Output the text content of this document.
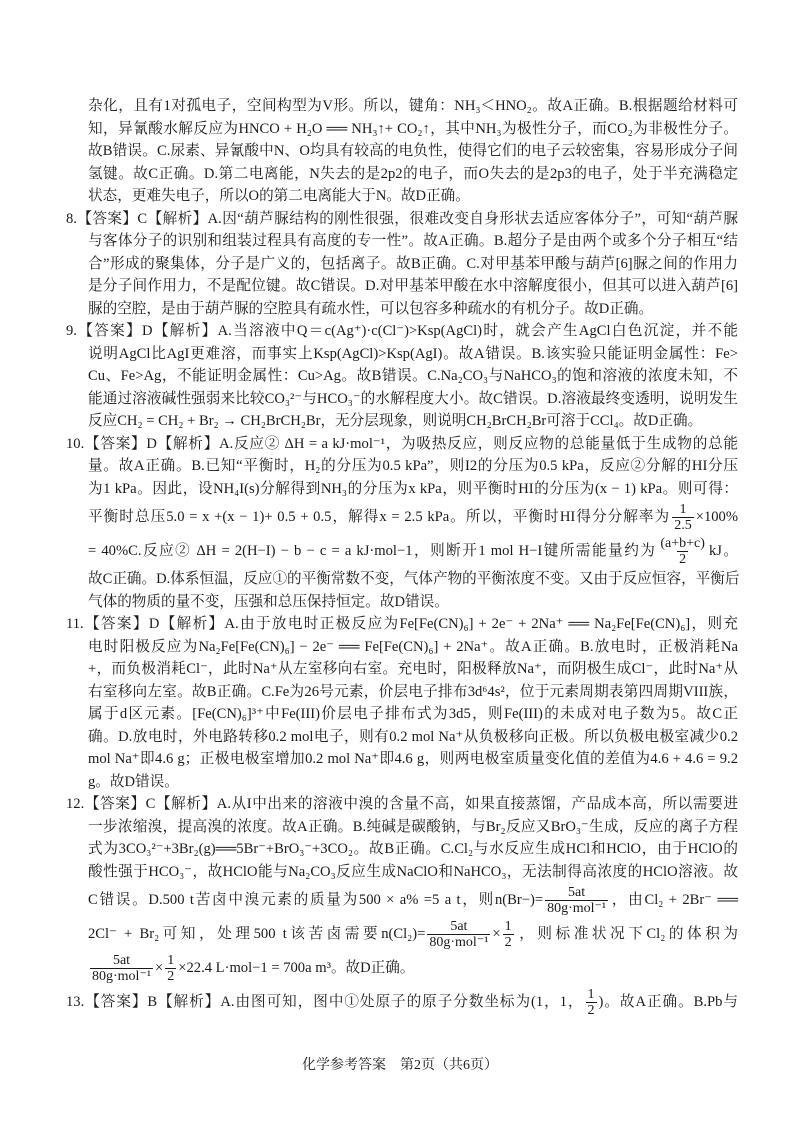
杂化，且有1对孤电子，空间构型为V形。所以，键角：NH₃＜HNO₂。故A正确。B.根据题给材料可
知，异氰酸水解反应为HNCO + H₂O ══ NH₃↑+ CO₂↑，其中NH₃为极性分子，而CO₂为非极性分子。
故B错误。C.尿素、异氰酸中N、O均具有较高的电负性，使得它们的电子云较密集，容易形成分子间
氢键。故C正确。D.第二电离能，N失去的是2p2的电子，而O失去的是2p3的电子，处于半充满稳定
状态，更难失电子，所以O的第二电离能大于N。故D正确。
8.【答案】C【解析】A.因“葫芦脲结构的刚性很强，很难改变自身形状去适应客体分子”，可知“葫芦脲
与客体分子的识别和组装过程具有高度的专一性”。故A正确。B.超分子是由两个或多个分子相互“结
合”形成的聚集体，分子是广义的，包括离子。故B正确。C.对甲基苯甲酸与葫芦[6]脲之间的作用力
是分子间作用力，不是配位键。故C错误。D.对甲基苯甲酸在水中溶解度很小，但其可以进入葫芦[6]
脲的空腔，是由于葫芦脲的空腔具有疏水性，可以包容多种疏水的有机分子。故D正确。
9.【答案】D【解析】A.当溶液中Q＝c(Ag⁺)·c(Cl⁻)>Ksp(AgCl)时，就会产生AgCl白色沉淀，并不能
说明AgCl比AgI更难溶，而事实上Ksp(AgCl)>Ksp(AgI)。故A错误。B.该实验只能证明金属性：Fe>
Cu、Fe>Ag，不能证明金属性：Cu>Ag。故B错误。C.Na₂CO₃与NaHCO₃的饱和溶液的浓度未知，不
能通过溶液碱性强弱来比较CO₃²⁻与HCO₃⁻的水解程度大小。故C错误。D.溶液最终变透明，说明发生
反应CH₂ = CH₂ + Br₂ → CH₂BrCH₂Br，无分层现象，则说明CH₂BrCH₂Br可溶于CCl₄。故D正确。
10.【答案】D【解析】A.反应② ΔH = a kJ·mol⁻¹，为吸热反应，则反应物的总能量低于生成物的总能
量。故A正确。B.已知“平衡时，H₂的分压为0.5 kPa”，则I2的分压为0.5 kPa，反应②分解的HI分压
为1 kPa。因此，设NH₄I(s)分解得到NH₃的分压为x kPa，则平衡时HI的分压为(x − 1) kPa。则可得：
平衡时总压5.0 = x +(x − 1)+ 0.5 + 0.5，解得x = 2.5 kPa。所以，平衡时HI得分分解率为 $\frac{1}{2.5} \times 100\%$
= 40%C.反应② ΔH = 2(H−I) − b − c = a kJ·mol−1，则断开1 mol H−I键所需能量约为 $\frac{(a+b+c)}{2}$ kJ。
故C正确。D.体系恒温，反应①的平衡常数不变，气体产物的平衡浓度不变。又由于反应恒容，平衡后
气体的物质的量不变，压强和总压保持恒定。故D错误。
11.【答案】D【解析】A.由于放电时正极反应为Fe[Fe(CN)₆] + 2e⁻ + 2Na⁺ ══ Na₂Fe[Fe(CN)₆]，则充
电时阳极反应为Na₂Fe[Fe(CN)₆] − 2e⁻ ══ Fe[Fe(CN)₆] + 2Na⁺。故A正确。B.放电时，正极消耗Na
+，而负极消耗Cl⁻，此时Na⁺从左室移向右室。充电时，阳极释放Na⁺，而阴极生成Cl⁻，此时Na⁺从
右室移向左室。故B正确。C.Fe为26号元素，价层电子排布3d⁶4s²，位于元素周期表第四周期VIII族，
属于d区元素。[Fe(CN)₆]³⁺中Fe(III)价层电子排布式为3d5，则Fe(III)的未成对电子数为5。故C正
确。D.放电时，外电路转移0.2 mol电子，则有0.2 mol Na⁺从负极移向正极。所以负极电极室减少0.2
mol Na⁺即4.6 g；正极电极室增加0.2 mol Na⁺即4.6 g，则两电极室质量变化值的差值为4.6 + 4.6 = 9.2
g。故D错误。
12.【答案】C【解析】A.从I中出来的溶液中溴的含量不高，如果直接蒸馏，产品成本高，所以需要进
一步浓缩溴，提高溴的浓度。故A正确。B.纯碱是碳酸钠，与Br₂反应又BrO₃⁻生成，反应的离子方程
式为3CO₃²⁻+3Br₂(g)══5Br⁻+BrO₃⁻+3CO₂。故B正确。C.Cl₂与水反应生成HCl和HClO，由于HClO的
酸性强于HCO₃⁻，故HClO能与Na₂CO₃反应生成NaClO和NaHCO₃，无法制得高浓度的HClO溶液。故
C错误。D.500 t苦卤中溴元素的质量为500 × a% =5 a t，则$n(Br-)= \frac{5at}{\text{80g·mol⁻¹}}$ ，由Cl₂ + 2Br⁻ ══
2Cl⁻ + Br₂可知，处理500 t该苦卤需要$n(Cl_2)= \frac{5at}{\text{80g·mol⁻¹}} \times \frac{1}{2}$ ，则标准状况下Cl₂的体积为
$\frac{5at}{\text{80g·mol⁻¹}} \times \frac{1}{2} \times 22.4$ L·mol−1 = 700a m³。故D正确。
13.【答案】B【解析】A.由图可知，图中①处原子的原子分数坐标为(1，1， $\frac{1}{2}$ )。故A正确。B.Pb与
化学参考答案　第2页（共6页）
